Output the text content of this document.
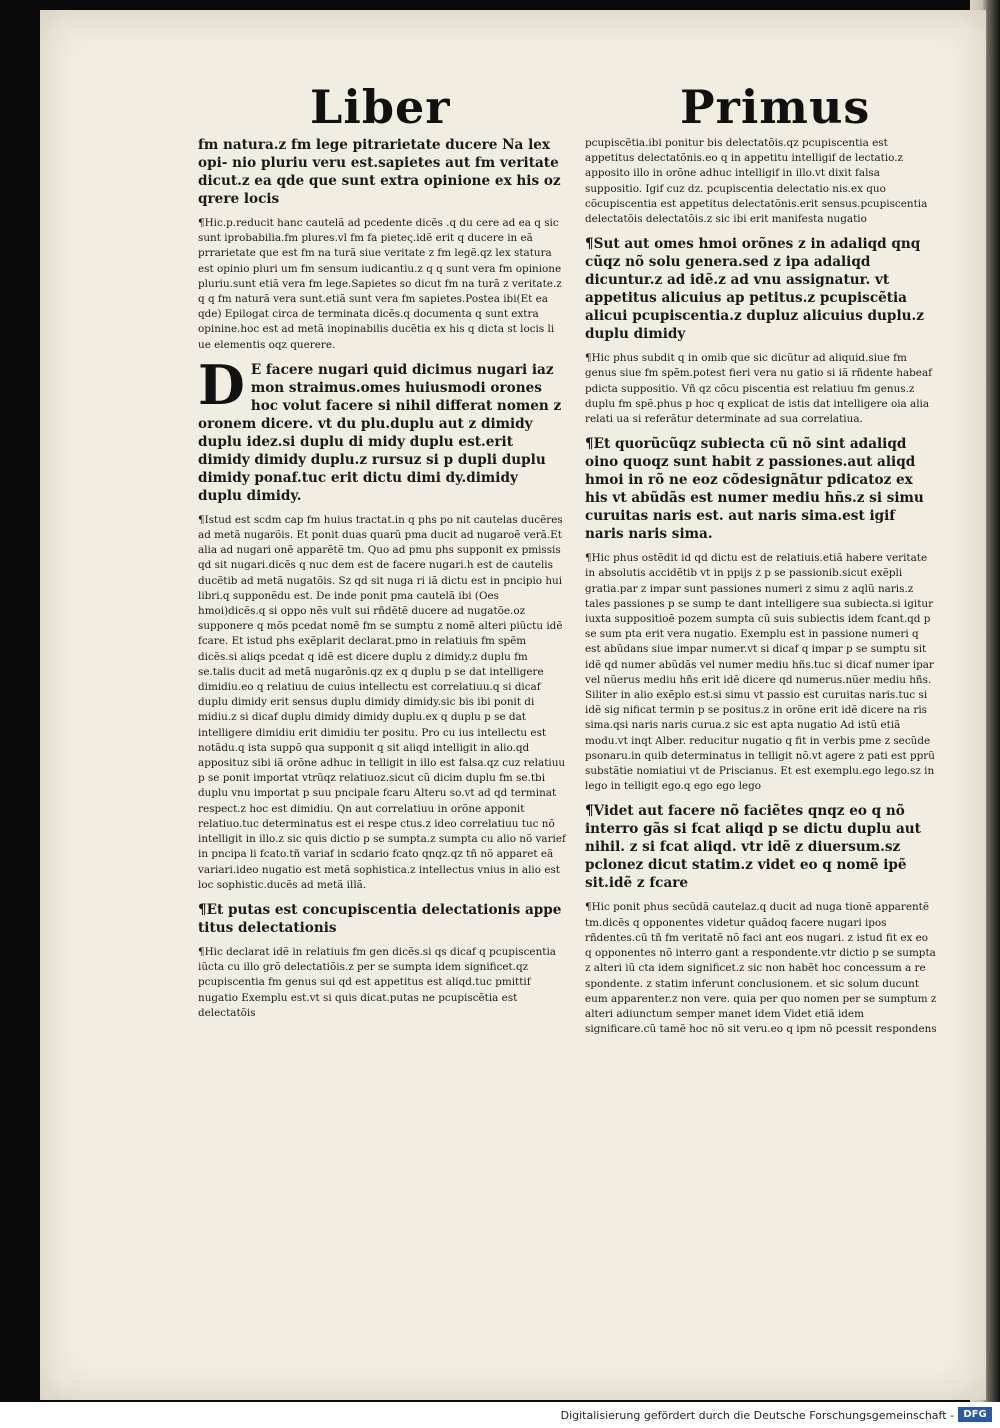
Liber	Primus

fm natura.z fm lege pitrarietate ducere Na lex opi- nio pluriu veru est.sapietes aut fm veritate dicut.z ea qde que sunt extra opinione ex his oz qrere locis

¶Hic.p.reducit hanc cautelã ad pcedente dicẽs .q du cere ad ea q sic sunt iprobabilia.fm plures.vl fm fa pieteς.idẽ erit q ducere in eã prrarietate que est fm na turã siue veritate z fm legẽ.qz lex statura est opinio pluri um fm sensum iudicantiu.z q q sunt vera fm opinione pluriu.sunt etiã vera fm lege.Sapietes so dicut fm na turã z veritate.z q q fm naturã vera sunt.etiã sunt vera fm sapietes.Postea ibi(Et ea qde) Epilogat circa de terminata dicẽs.q documenta q sunt extra opinine.hoc est ad metã inopinabilis ducẽtia ex his q dicta st locis li ue elementis oqz querere.

D E facere nugari quid dicimus nugari iaz mon straimus.omes huiusmodi orones hoc volut facere si nihil differat nomen z oronem dicere. vt du plu.duplu aut z dimidy duplu idez.si duplu di midy duplu est.erit dimidy dimidy duplu.z rursuz si p dupli duplu dimidy ponaf.tuc erit dictu dimi dy.dimidy duplu dimidy.

¶Istud est scdm cap fm huius tractat.in q phs po nit cautelas ducẽres ad metã nugarõis. Et ponit duas quarũ pma ducit ad nugaroẽ verã.Et alia ad nugari onẽ apparẽtẽ tm. Quo ad pmu phs supponit ex pmissis qd sit nugari.dicẽs q nuc dem est de facere nugari.h est de cautelis ducẽtib ad metã nugatõis. Sz qd sit nuga ri iã dictu est in pncipio hui libri.q supponẽdu est. De inde ponit pma cautelã ibi (Oes hmoi)dicẽs.q si oppo nẽs vult sui rñdẽtẽ ducere ad nugatõe.oz supponere q mõs pcedat nomẽ fm se sumptu z nomẽ alteri piũctu idẽ fcare. Et istud phs exẽplarit declarat.pmo in relatiuis fm spẽm dicẽs.si aliqs pcedat q idẽ est dicere duplu z dimidy.z duplu fm se.talis ducit ad metã nugarõnis.qz ex q duplu p se dat intelligere dimidiu.eo q relatiuu de cuius intellectu est correlatiuu.q si dicaf duplu dimidy erit sensus duplu dimidy dimidy.sic bis ibi ponit di midiu.z si dicaf duplu dimidy dimidy duplu.ex q duplu p se dat intelligere dimidiu erit dimidiu ter positu. Pro cu ius intellectu est notãdu.q ista suppõ qua supponit q sit aliqd intelligit in alio.qd apposituz sibi iã orõne adhuc in telligit in illo est falsa.qz cuz relatiuu p se ponit importat vtrũqz relatiuoz.sicut cũ dicim duplu fm se.tbi duplu vnu importat p suu pncipale fcaru Alteru so.vt ad qd terminat respect.z hoc est dimidiu. Qn aut correlatiuu in orõne apponit relatiuo.tuc determinatus est ei respe ctus.z ideo correlatiuu tuc nõ intelligit in illo.z sic quis dictio p se sumpta.z sumpta cu alio nõ varief in pncipa li fcato.tñ variaf in scdario fcato qnqz.qz tñ nõ apparet eã variari.ideo nugatio est metã sophistica.z intellectus vnius in alio est loc sophistic.ducẽs ad metã illã.

¶Et putas est concupiscentia delectationis appe titus delectationis

¶Hic declarat idẽ in relatiuis fm gen dicẽs.si qs dicaf q pcupiscentia iũcta cu illo grõ delectatiõis.z per se sumpta idem significet.qz pcupiscentia fm genus sui qd est appetitus est aliqd.tuc pmittif nugatio Exemplu est.vt si quis dicat.putas ne pcupiscẽtia est delectatõis

pcupiscẽtia.ibi ponitur bis delectatõis.qz pcupiscentia est appetitus delectatõnis.eo q in appetitu intelligif de lectatio.z apposito illo in orõne adhuc intelligif in illo.vt dixit falsa suppositio. Igif cuz dz. pcupiscentia delectatio nis.ex quo cõcupiscentia est appetitus delectatõnis.erit sensus.pcupiscentia delectatõis delectatõis.z sic ibi erit manifesta nugatio

¶Sut aut omes hmoi orõnes z in adaliqd qnq cũqz nõ solu genera.sed z ipa adaliqd dicuntur.z ad idẽ.z ad vnu assignatur. vt appetitus alicuius ap petitus.z pcupiscẽtia alicui pcupiscentia.z dupluz alicuius duplu.z duplu dimidy

¶Hic phus subdit q in omib que sic dicũtur ad aliquid.siue fm genus siue fm spẽm.potest fieri vera nu gatio si iã rñdente habeaf pdicta suppositio. Vñ qz cõcu piscentia est relatiuu fm genus.z duplu fm spẽ.phus p hoc q explicat de istis dat intelligere oia alia relati ua si referãtur determinate ad sua correlatiua.

¶Et quorũcũqz subiecta cũ nõ sint adaliqd oino quoqz sunt habit z passiones.aut aliqd hmoi in rõ ne eoz cõdesignãtur pdicatoz ex his vt abũdãs est numer mediu hñs.z si simu curuitas naris est. aut naris sima.est igif naris naris sima.

¶Hic phus ostẽdit id qd dictu est de relatiuis.etiã habere veritate in absolutis accidẽtib vt in ppijs z p se passionib.sicut exẽpli gratia.par z impar sunt passiones numeri z simu z aqlũ naris.z tales passiones p se sump te dant intelligere sua subiecta.si igitur iuxta suppositioẽ pozem sumpta cũ suis subiectis idem fcant.qd p se sum pta erit vera nugatio. Exemplu est in passione numeri q est abũdans siue impar numer.vt si dicaf q impar p se sumptu sit idẽ qd numer abũdãs vel numer mediu hñs.tuc si dicaf numer ipar vel nũerus mediu hñs erit idẽ dicere qd numerus.nũer mediu hñs. Siliter in alio exẽplo est.si simu vt passio est curuitas naris.tuc si idẽ sig nificat termin p se positus.z in orõne erit idẽ dicere na ris sima.qsi naris naris curua.z sic est apta nugatio Ad istũ etiã modu.vt inqt Alber. reducitur nugatio q fit in verbis pme z secũde psonaru.in quib determinatus in telligit nõ.vt agere z pati est pprũ substãtie nomiatiui vt de Priscianus. Et est exemplu.ego lego.sz in lego in telligit ego.q ego ego lego

¶Videt aut facere nõ faciẽtes qnqz eo q nõ interro gãs si fcat aliqd p se dictu duplu aut nihil. z si fcat aliqd. vtr idẽ z diuersum.sz pclonez dicut statim.z videt eo q nomẽ ipẽ sit.idẽ z fcare

¶Hic ponit phus secũdã cautelaz.q ducit ad nuga tionẽ apparentẽ tm.dicẽs q opponentes videtur quãdoq facere nugari ipos rñdentes.cũ tñ fm veritatẽ nõ faci ant eos nugari. z istud fit ex eo q opponentes nõ interro gant a respondente.vtr dictio p se sumpta z alteri iũ cta idem significet.z sic non habẽt hoc concessum a re spondente. z statim inferunt conclusionem. et sic solum ducunt eum apparenter.z non vere. quia per quo nomen per se sumptum z alteri adiunctum semper manet idem Videt etiã idem significare.cũ tamẽ hoc nõ sit veru.eo q ipm nõ pcessit respondens

Digitalisierung gefördert durch die Deutsche Forschungsgemeinschaft - DFG
